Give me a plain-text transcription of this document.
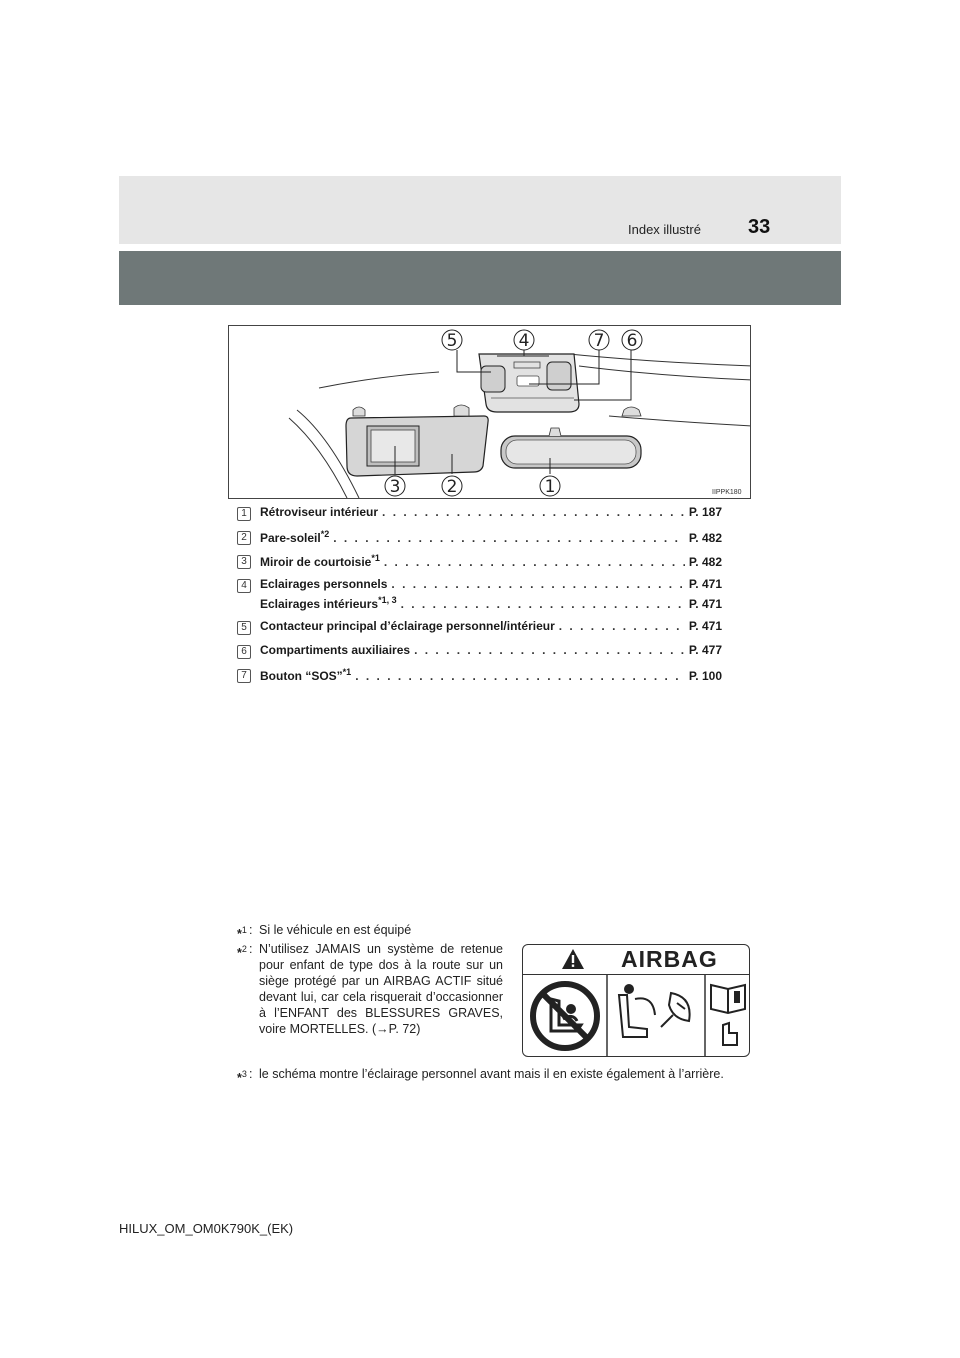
Index illustré 33
5	4	7 6
3	2	1	IIPPK180
1	Rétroviseur intérieur . . .	P. 187
2	Pare-soleil$^{*2}$ . . .	P. 482
3	Miroir de courtoisie$^{*1}$ . . .	P. 482
4	Eclairages personnels . . .	P. 471
Eclairages intérieurs$^{*1, 3}$ . . .	P. 471
5	Contacteur principal d’éclairage personnel/intérieur . . .	P. 471
6	Compartiments auxiliaires . . .	P. 477
7	Bouton “SOS”$^{*1}$ . . .	P. 100
*$^1$ : Si le véhicule en est équipé
*$^2$ : N’utilisez JAMAIS un système de retenue pour enfant de type dos à la route sur un siège protégé par un AIRBAG ACTIF situé devant lui, car cela risquerait d’occasionner à l’ENFANT des BLESSURES GRAVES, voire MORTELLES. (→P. 72)
*$^3$ : le schéma montre l’éclairage personnel avant mais il en existe également à l’arrière.
AIRBAG
HILUX_OM_OM0K790K_(EK)
